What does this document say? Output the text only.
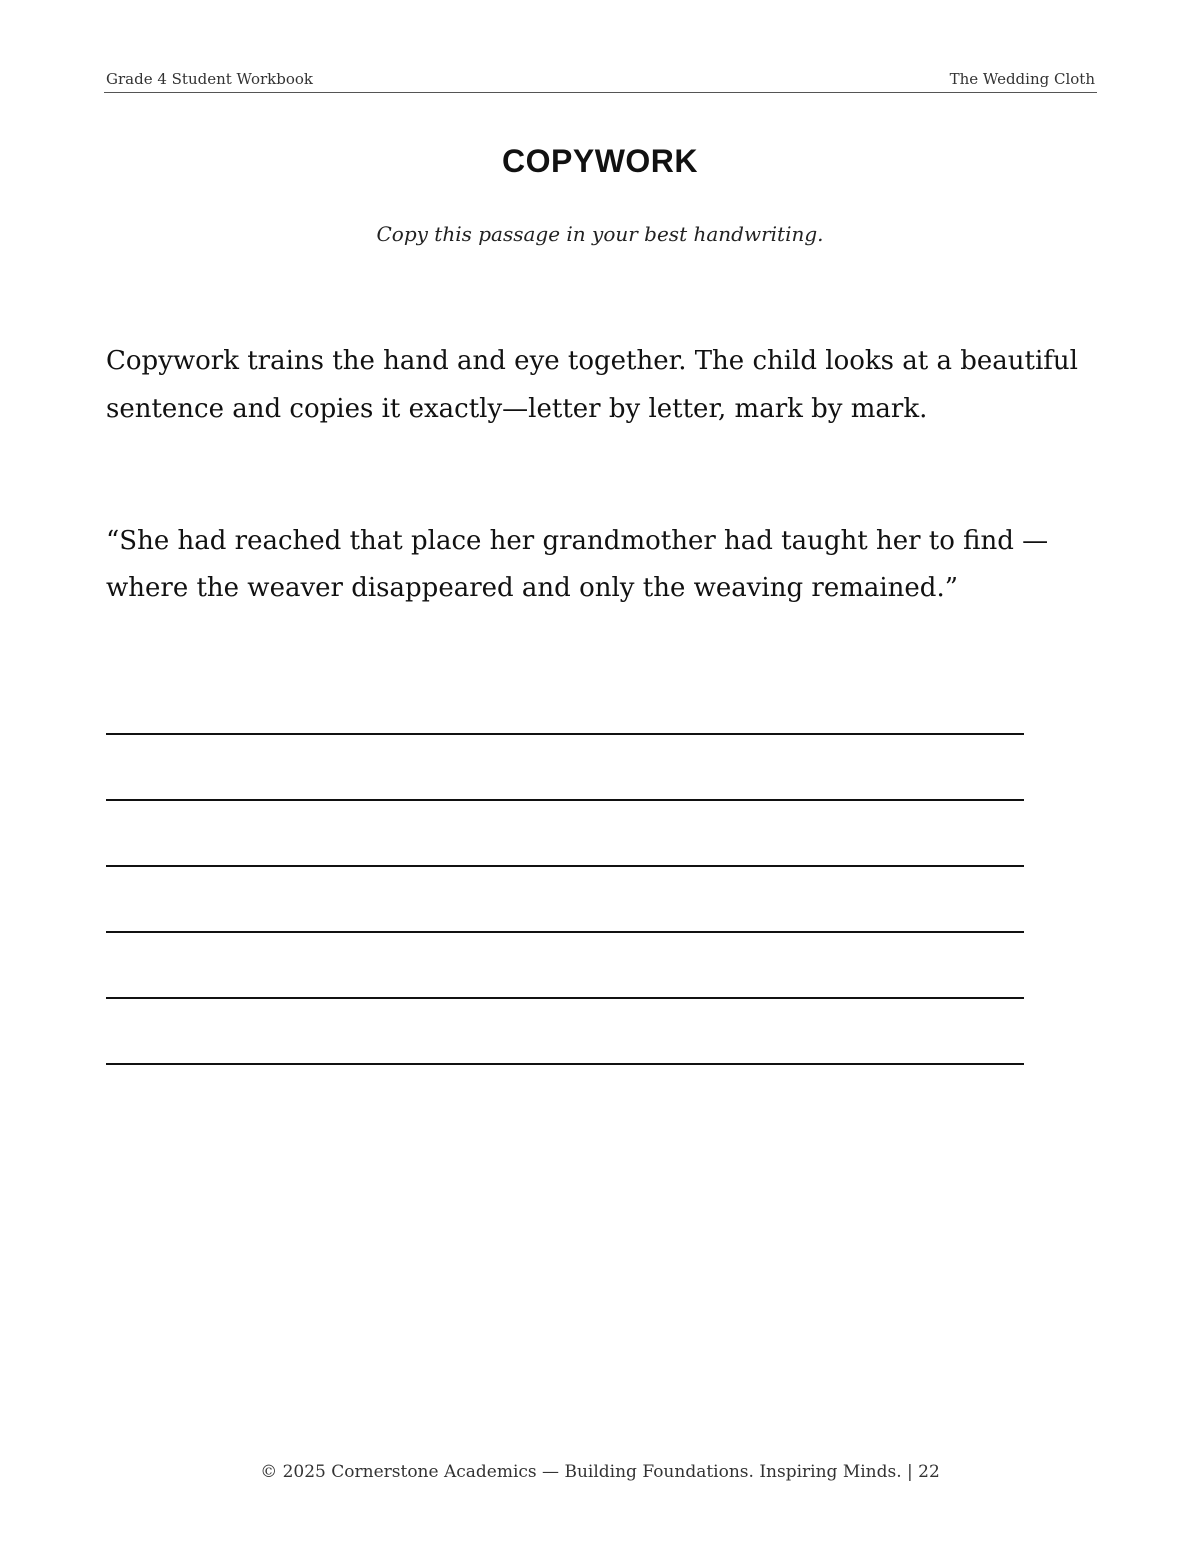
Grade 4 Student Workbook	The Wedding Cloth
COPYWORK
Copy this passage in your best handwriting.
Copywork trains the hand and eye together. The child looks at a beautiful sentence and copies it exactly—letter by letter, mark by mark.
“She had reached that place her grandmother had taught her to find — where the weaver disappeared and only the weaving remained.”
© 2025 Cornerstone Academics — Building Foundations. Inspiring Minds. | 22
